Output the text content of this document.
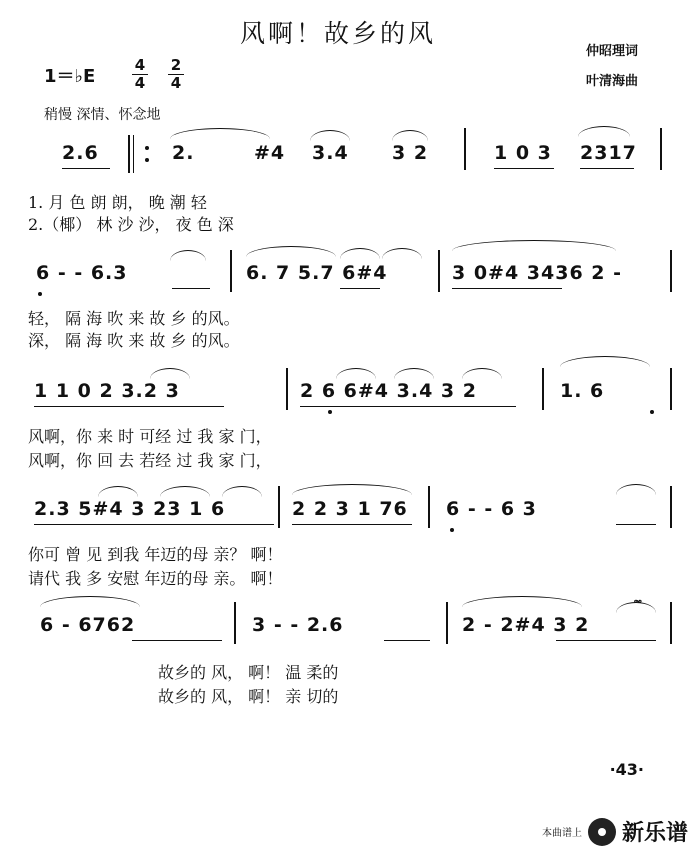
风啊！故乡的风
仲昭理词
叶清海曲
1＝♭E
4
4
2
4
稍慢 深情、怀念地
2.6	2.	#4 3.4 3 2	1 0 3 2317
1. 月 色 朗 朗， 晚 潮 轻
2.（椰） 林 沙 沙， 夜 色 深
6 - - 6.3	6. 7 5.7 6#4	3 0#4 3436 2 -
轻， 隔 海 吹 来 故 乡 的风。
深， 隔 海 吹 来 故 乡 的风。
1 1 0 2 3.2 3	2 6 6#4 3.4 3 2	1. 6
风啊，你 来 时 可经 过 我 家 门，
风啊，你 回 去 若经 过 我 家 门，
2.3 5#4 3 23 1 6	2 2 3 1 76 6 - - 6 3
你可 曾 见 到我 年迈的母 亲？ 啊！
请代 我 多 安慰 年迈的母 亲。 啊！
6 - 6762	3 - - 2.6	2 - 2#4 3 2
𝆗
故乡的 风， 啊！ 温 柔的
故乡的 风， 啊！ 亲 切的
·43·
本曲谱上 新乐谱
